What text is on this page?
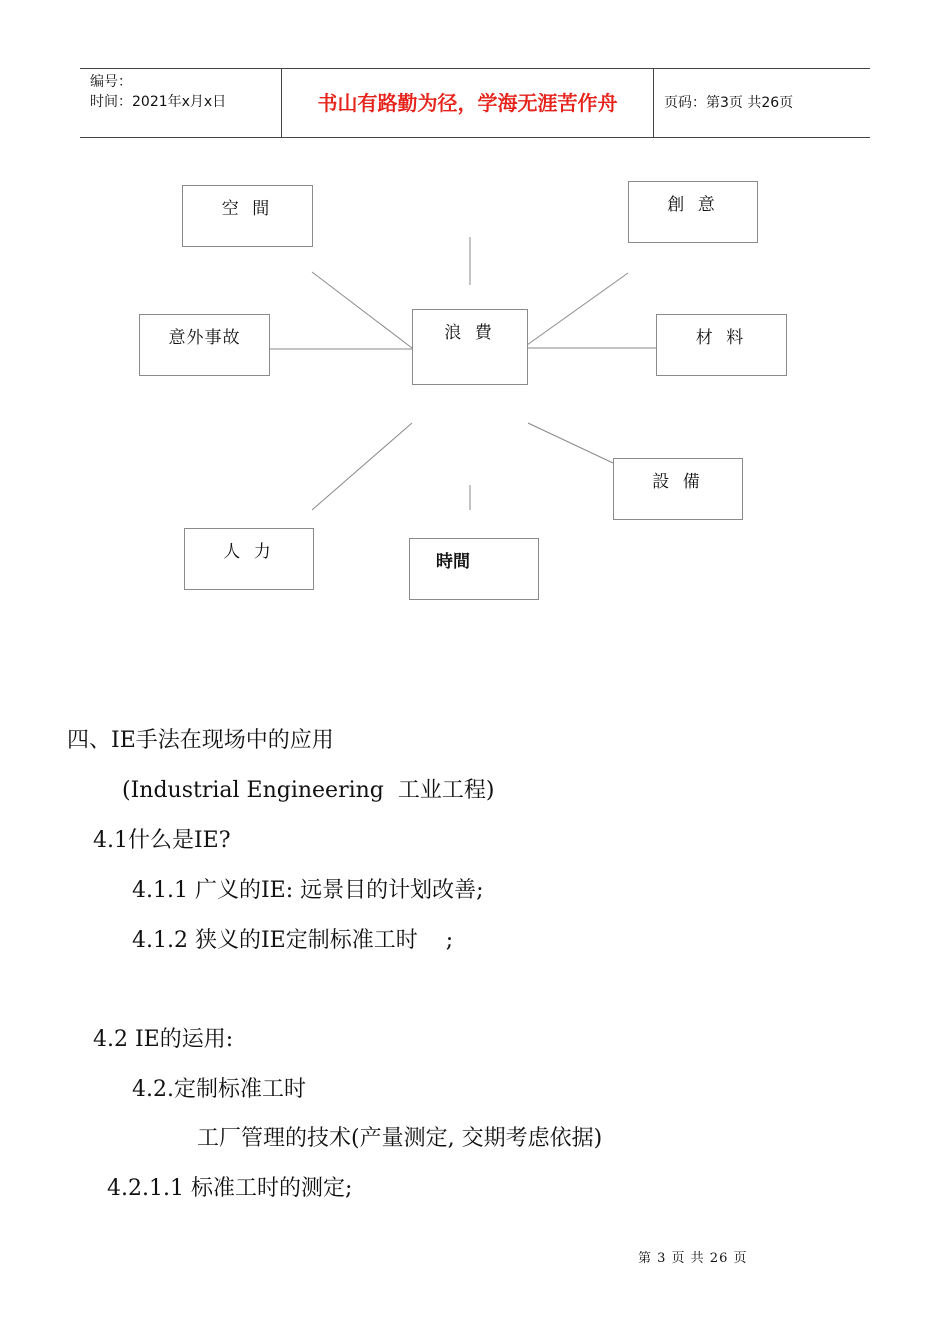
编号：
时间：2021年x月x日	书山有路勤为径，学海无涯苦作舟	页码：第3页 共26页
空 間	創 意
意外事故	浪 費	材 料
設 備
人 力	時間
四、IE手法在现场中的应用
(Industrial Engineering  工业工程)
4.1什么是IE?
4.1.1 广义的IE: 远景目的计划改善;
4.1.2 狭义的IE定制标准工时    ;
4.2 IE的运用:
4.2.定制标准工时
工厂管理的技术(产量测定, 交期考虑依据)
4.2.1.1 标准工时的测定;
第 3 页 共 26 页
